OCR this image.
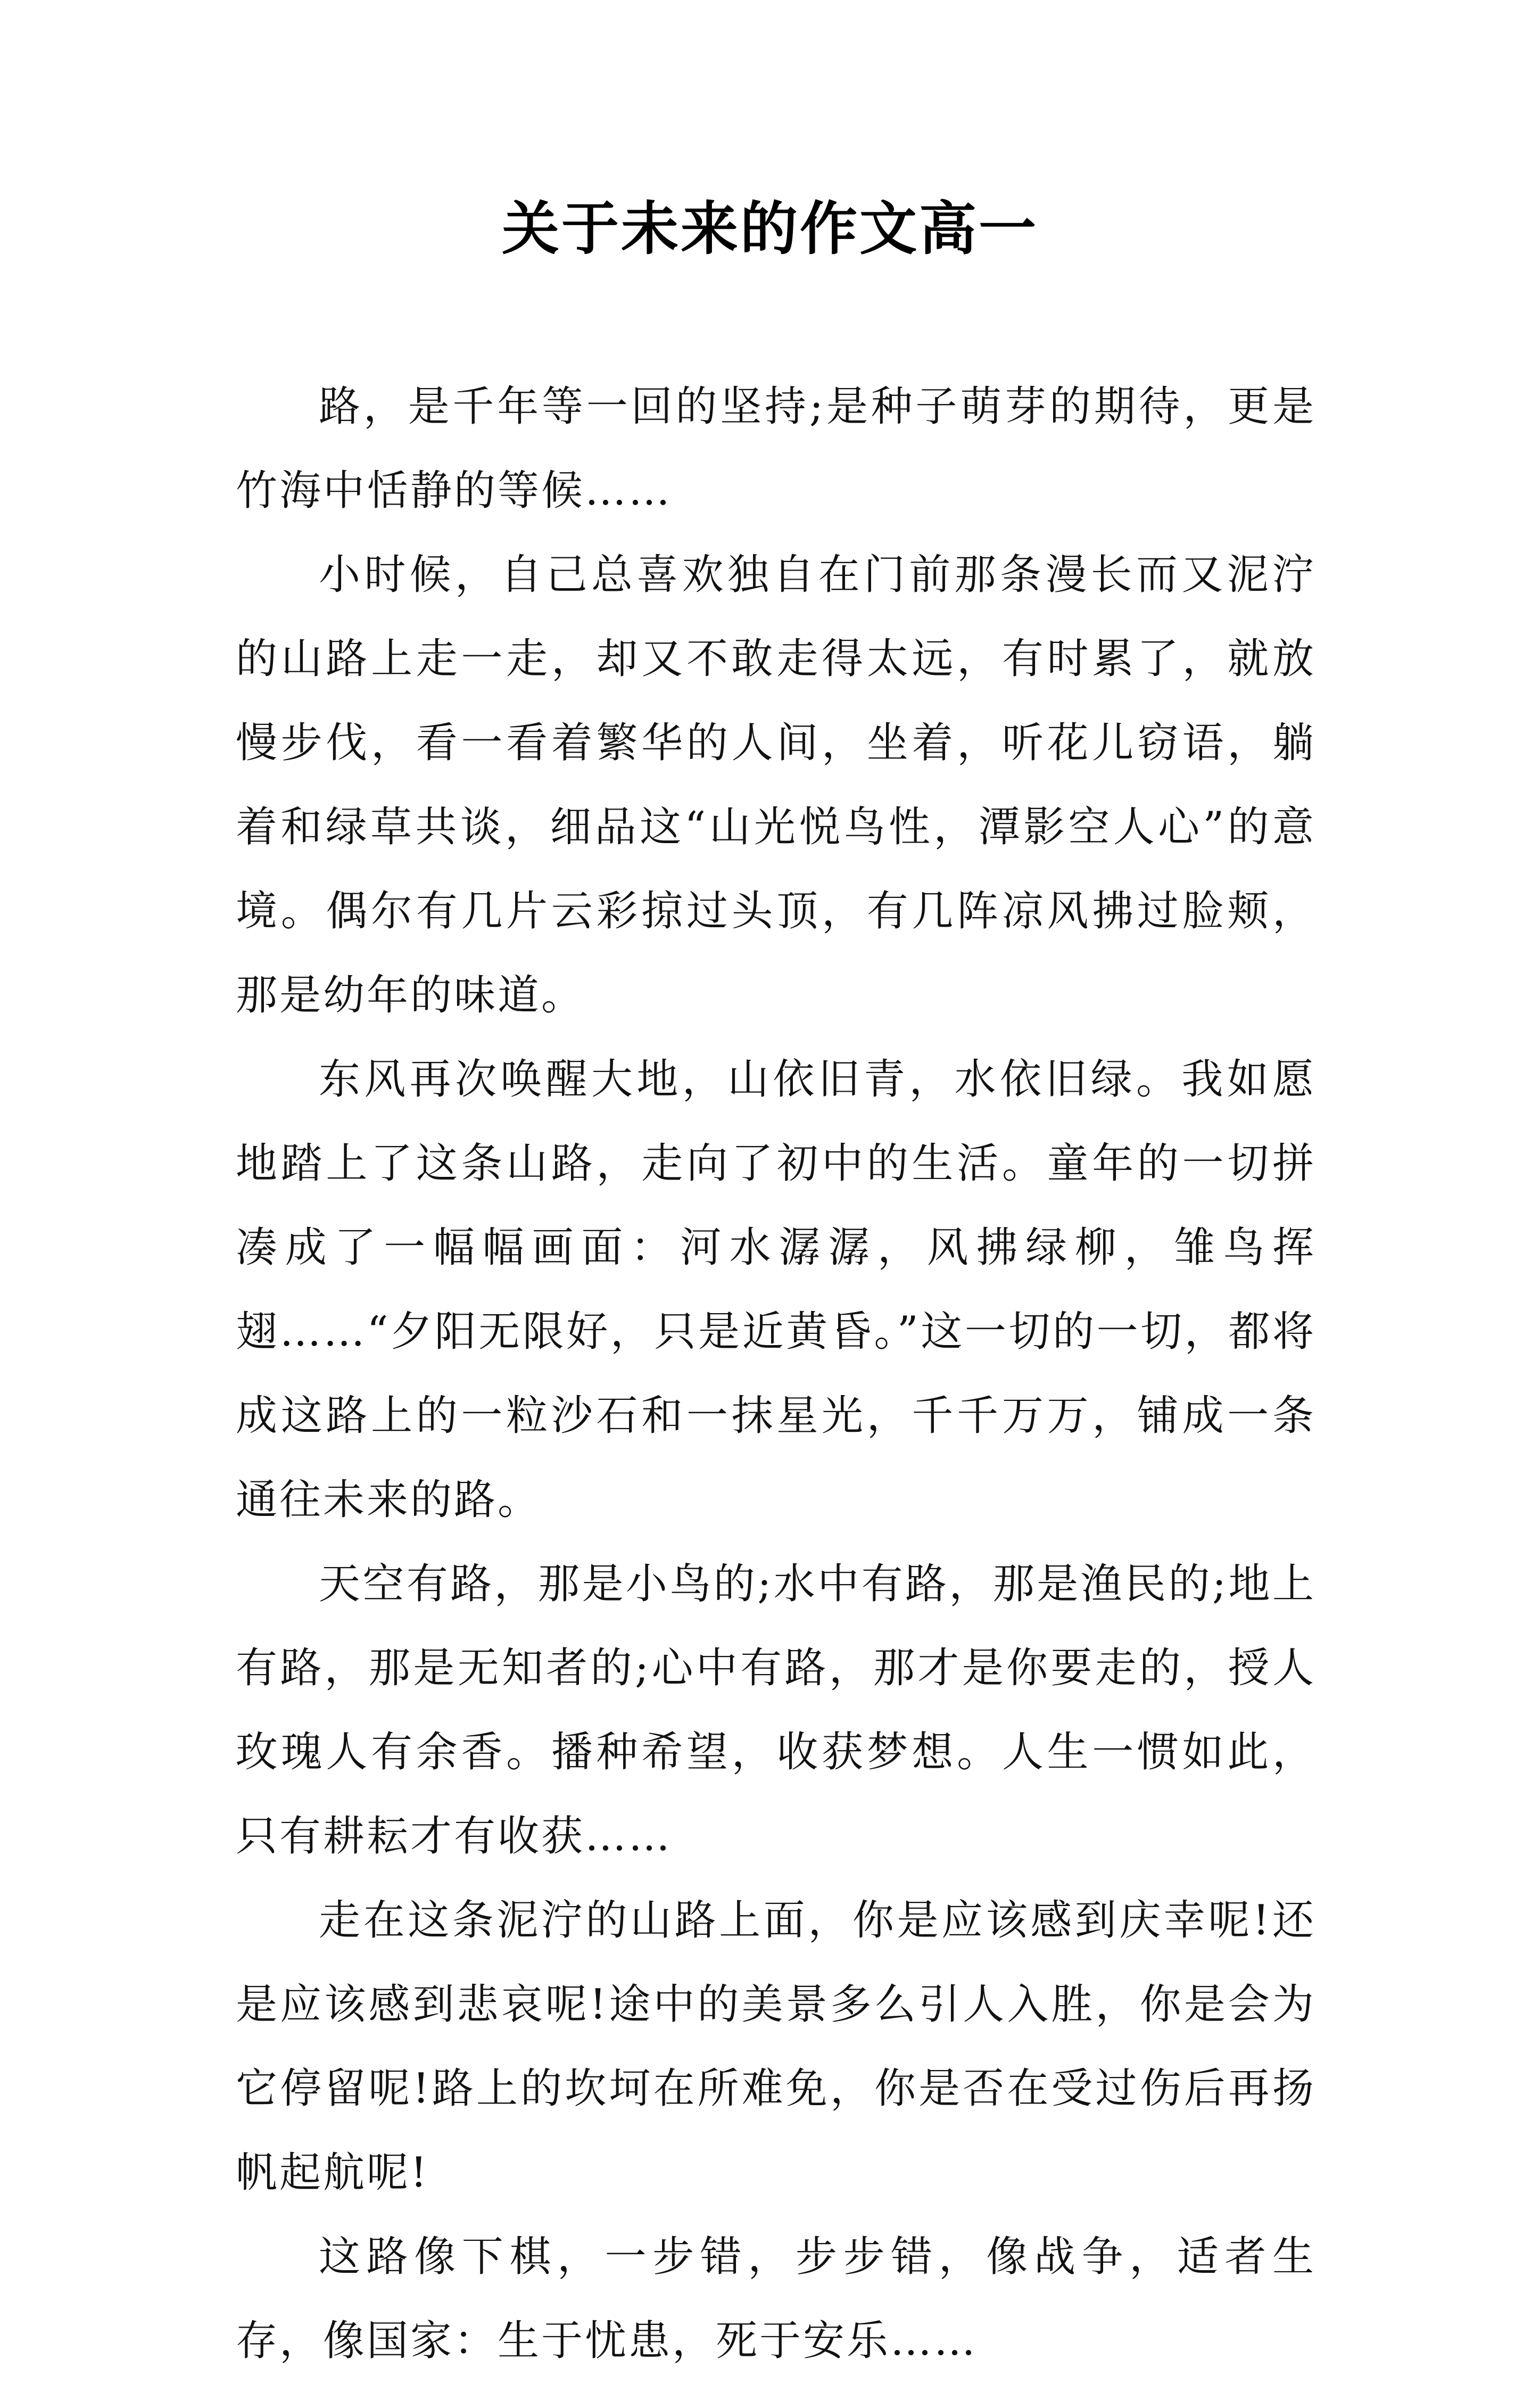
关于未来的作文高一

路，是千年等一回的坚持;是种子萌芽的期待，更是竹海中恬静的等候……

小时候，自己总喜欢独自在门前那条漫长而又泥泞的山路上走一走，却又不敢走得太远，有时累了，就放慢步伐，看一看着繁华的人间，坐着，听花儿窃语，躺着和绿草共谈，细品这“山光悦鸟性，潭影空人心”的意境。偶尔有几片云彩掠过头顶，有几阵凉风拂过脸颊，那是幼年的味道。

东风再次唤醒大地，山依旧青，水依旧绿。我如愿地踏上了这条山路，走向了初中的生活。童年的一切拼凑成了一幅幅画面：河水潺潺，风拂绿柳，雏鸟挥翅……“夕阳无限好，只是近黄昏。”这一切的一切，都将成这路上的一粒沙石和一抹星光，千千万万，铺成一条通往未来的路。

天空有路，那是小鸟的;水中有路，那是渔民的;地上有路，那是无知者的;心中有路，那才是你要走的，授人玫瑰人有余香。播种希望，收获梦想。人生一惯如此，只有耕耘才有收获……

走在这条泥泞的山路上面，你是应该感到庆幸呢!还是应该感到悲哀呢!途中的美景多么引人入胜，你是会为它停留呢!路上的坎坷在所难免，你是否在受过伤后再扬帆起航呢!

这路像下棋，一步错，步步错，像战争，适者生存，像国家：生于忧患，死于安乐……
